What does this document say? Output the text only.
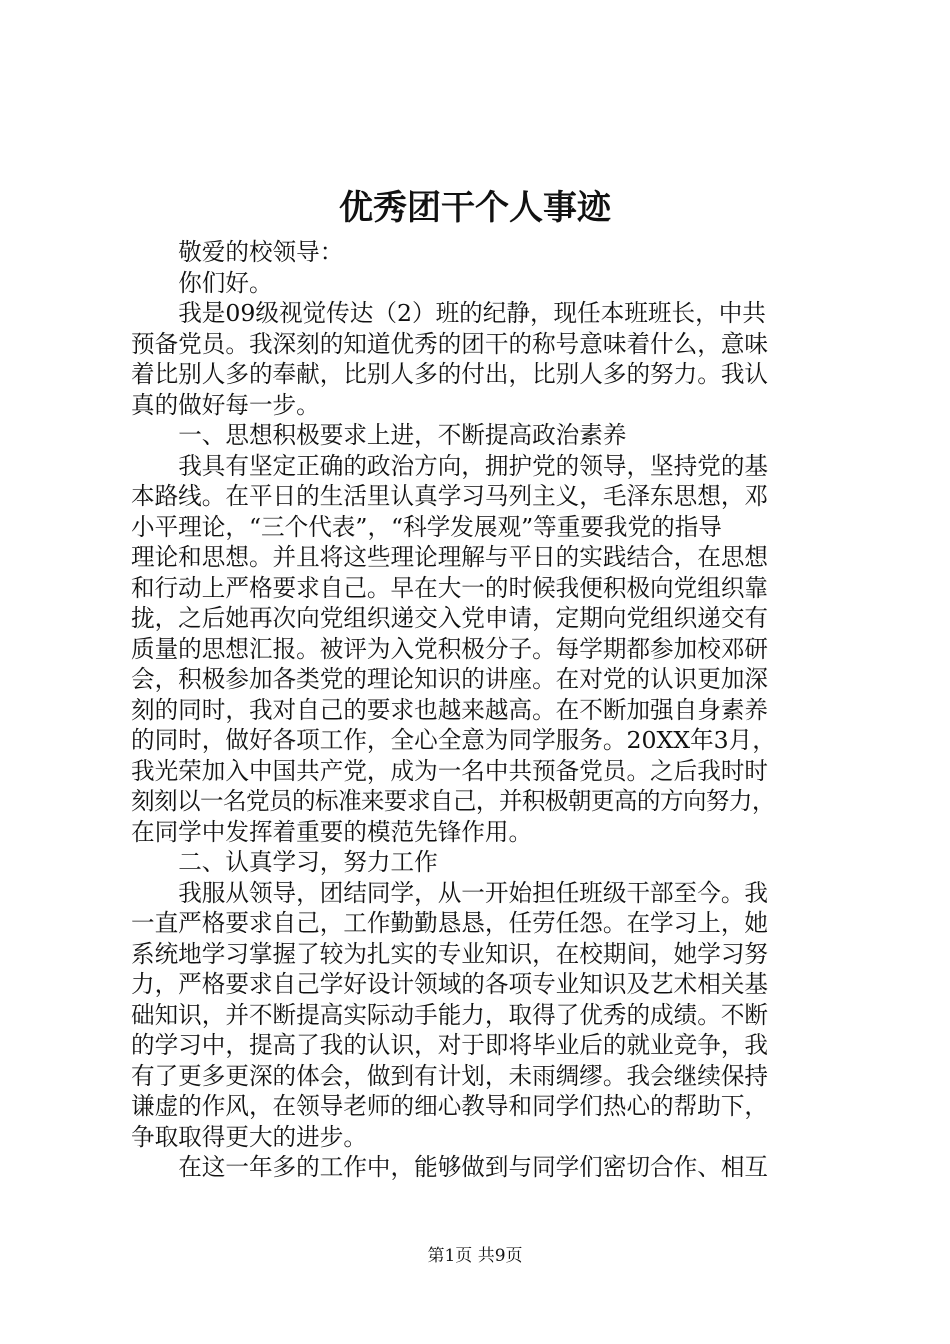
优秀团干个人事迹

敬爱的校领导：

你们好。

我是09级视觉传达（2）班的纪静，现任本班班长，中共

预备党员。我深刻的知道优秀的团干的称号意味着什么，意味

着比别人多的奉献，比别人多的付出，比别人多的努力。我认

真的做好每一步。

一、思想积极要求上进，不断提高政治素养

我具有坚定正确的政治方向，拥护党的领导，坚持党的基

本路线。在平日的生活里认真学习马列主义，毛泽东思想，邓

小平理论，“三个代表”，“科学发展观”等重要我党的指导

理论和思想。并且将这些理论理解与平日的实践结合，在思想

和行动上严格要求自己。早在大一的时候我便积极向党组织靠

拢，之后她再次向党组织递交入党申请，定期向党组织递交有

质量的思想汇报。被评为入党积极分子。每学期都参加校邓研

会，积极参加各类党的理论知识的讲座。在对党的认识更加深

刻的同时，我对自己的要求也越来越高。在不断加强自身素养

的同时，做好各项工作，全心全意为同学服务。20XX年3月，

我光荣加入中国共产党，成为一名中共预备党员。之后我时时

刻刻以一名党员的标准来要求自己，并积极朝更高的方向努力，

在同学中发挥着重要的模范先锋作用。

二、认真学习，努力工作

我服从领导，团结同学，从一开始担任班级干部至今。我

一直严格要求自己，工作勤勤恳恳，任劳任怨。在学习上，她

系统地学习掌握了较为扎实的专业知识，在校期间，她学习努

力，严格要求自己学好设计领域的各项专业知识及艺术相关基

础知识，并不断提高实际动手能力，取得了优秀的成绩。不断

的学习中，提高了我的认识，对于即将毕业后的就业竞争，我

有了更多更深的体会，做到有计划，未雨绸缪。我会继续保持

谦虚的作风，在领导老师的细心教导和同学们热心的帮助下，

争取取得更大的进步。

在这一年多的工作中，能够做到与同学们密切合作、相互

第1页 共9页
